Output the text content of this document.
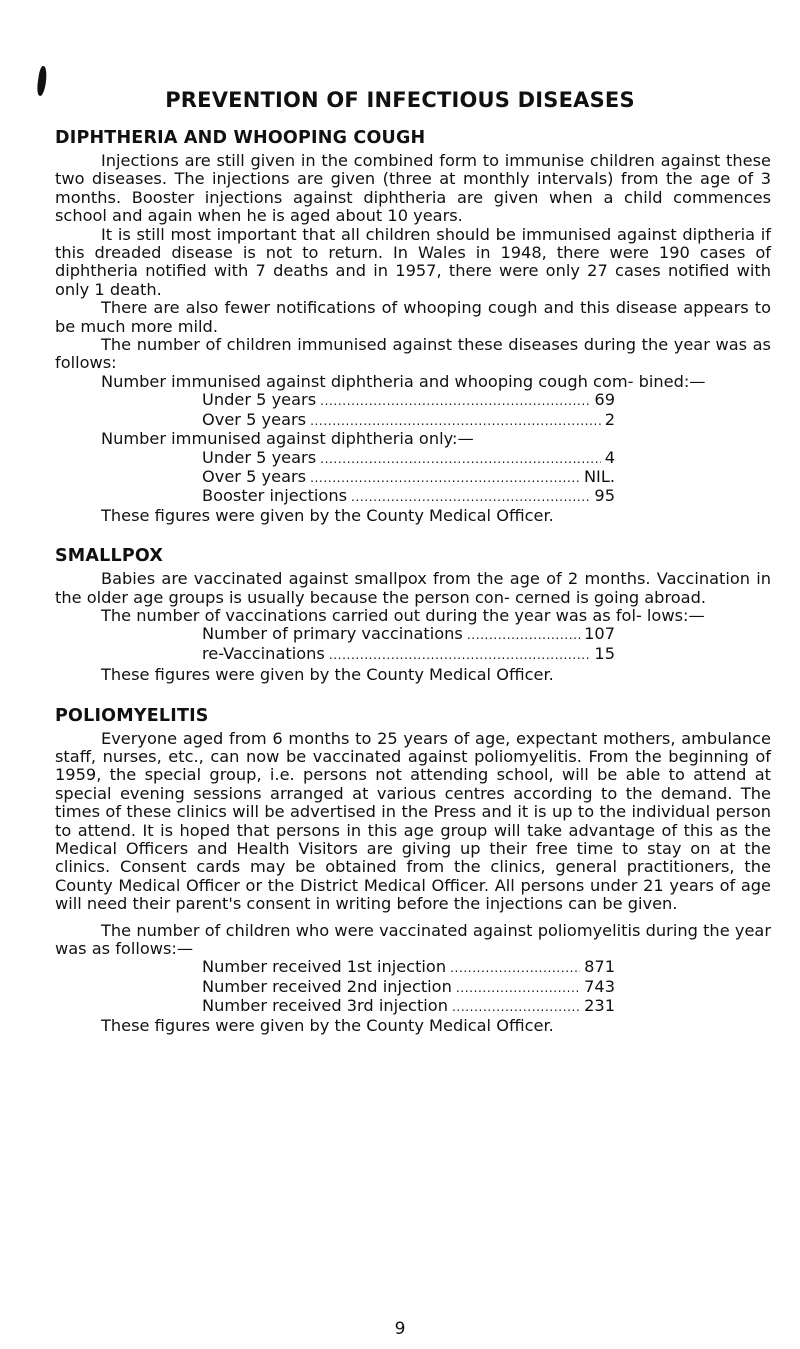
PREVENTION OF INFECTIOUS DISEASES
DIPHTHERIA AND WHOOPING COUGH

Injections are still given in the combined form to immunise children against these two diseases. The injections are given (three at monthly intervals) from the age of 3 months. Booster injections against diphtheria are given when a child commences school and again when he is aged about 10 years.

It is still most important that all children should be immunised against diptheria if this dreaded disease is not to return. In Wales in 1948, there were 190 cases of diphtheria notified with 7 deaths and in 1957, there were only 27 cases notified with only 1 death.

There are also fewer notifications of whooping cough and this disease appears to be much more mild.

The number of children immunised against these diseases during the year was as follows:

Number immunised against diphtheria and whooping cough com- bined:—

Under 5 years . . .	69
Over 5 years . . .	2

Number immunised against diphtheria only:—

Under 5 years . . .	4
Over 5 years . . .	NIL.
Booster injections . . .	95

These figures were given by the County Medical Officer.

SMALLPOX

Babies are vaccinated against smallpox from the age of 2 months. Vaccination in the older age groups is usually because the person con- cerned is going abroad.

The number of vaccinations carried out during the year was as fol- lows:—

Number of primary vaccinations . . .	107
re-Vaccinations . . .	15

These figures were given by the County Medical Officer.

POLIOMYELITIS

Everyone aged from 6 months to 25 years of age, expectant mothers, ambulance staff, nurses, etc., can now be vaccinated against poliomyelitis. From the beginning of 1959, the special group, i.e. persons not attending school, will be able to attend at special evening sessions arranged at various centres according to the demand. The times of these clinics will be advertised in the Press and it is up to the individual person to attend. It is hoped that persons in this age group will take advantage of this as the Medical Officers and Health Visitors are giving up their free time to stay on at the clinics. Consent cards may be obtained from the clinics, general practitioners, the County Medical Officer or the District Medical Officer. All persons under 21 years of age will need their parent's consent in writing before the injections can be given.

The number of children who were vaccinated against poliomyelitis during the year was as follows:—

Number received 1st injection . . .	871
Number received 2nd injection . . .	743
Number received 3rd injection . . .	231

These figures were given by the County Medical Officer.

9
